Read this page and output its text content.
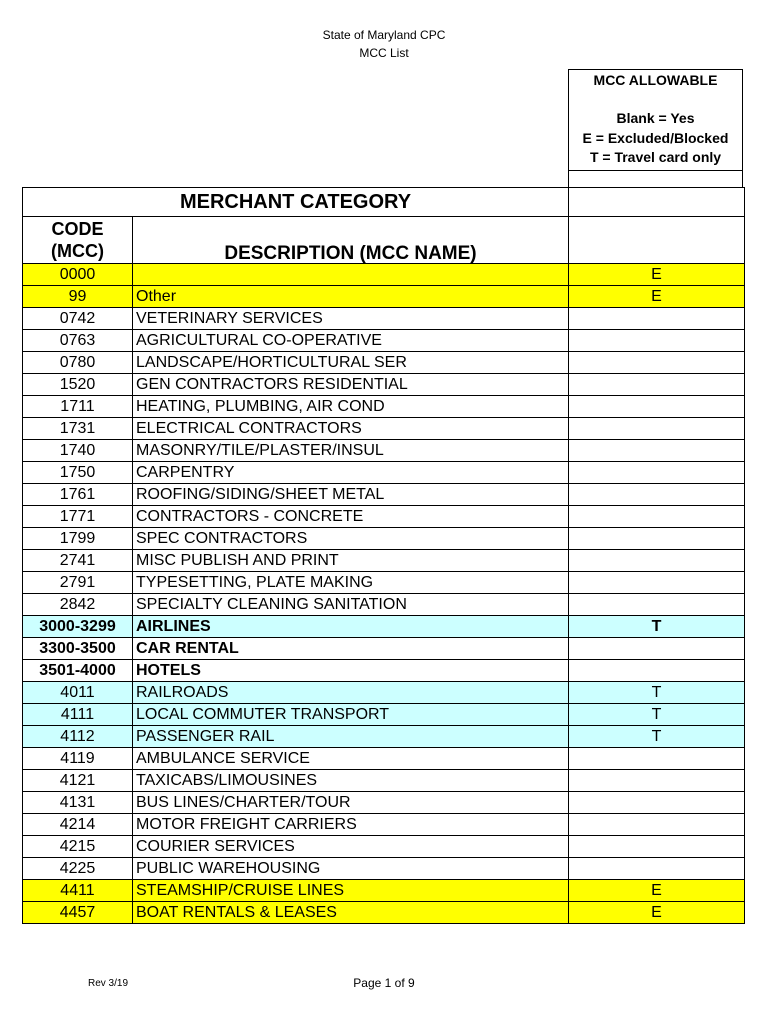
State of Maryland CPC
MCC List
MCC ALLOWABLE
Blank = Yes
E = Excluded/Blocked
T = Travel card only
MERCHANT CATEGORY		
CODE (MCC)	DESCRIPTION (MCC NAME)	
0000		E
99	Other	E
0742	VETERINARY SERVICES	
0763	AGRICULTURAL CO-OPERATIVE	
0780	LANDSCAPE/HORTICULTURAL SER	
1520	GEN CONTRACTORS RESIDENTIAL	
1711	HEATING, PLUMBING, AIR COND	
1731	ELECTRICAL CONTRACTORS	
1740	MASONRY/TILE/PLASTER/INSUL	
1750	CARPENTRY	
1761	ROOFING/SIDING/SHEET METAL	
1771	CONTRACTORS - CONCRETE	
1799	SPEC CONTRACTORS	
2741	MISC PUBLISH AND PRINT	
2791	TYPESETTING, PLATE MAKING	
2842	SPECIALTY CLEANING SANITATION	
3000-3299	AIRLINES	T
3300-3500	CAR RENTAL	
3501-4000	HOTELS	
4011	RAILROADS	T
4111	LOCAL COMMUTER TRANSPORT	T
4112	PASSENGER RAIL	T
4119	AMBULANCE SERVICE	
4121	TAXICABS/LIMOUSINES	
4131	BUS LINES/CHARTER/TOUR	
4214	MOTOR FREIGHT CARRIERS	
4215	COURIER SERVICES	
4225	PUBLIC WAREHOUSING	
4411	STEAMSHIP/CRUISE LINES	E
4457	BOAT RENTALS & LEASES	E
Rev 3/19	Page 1 of 9
